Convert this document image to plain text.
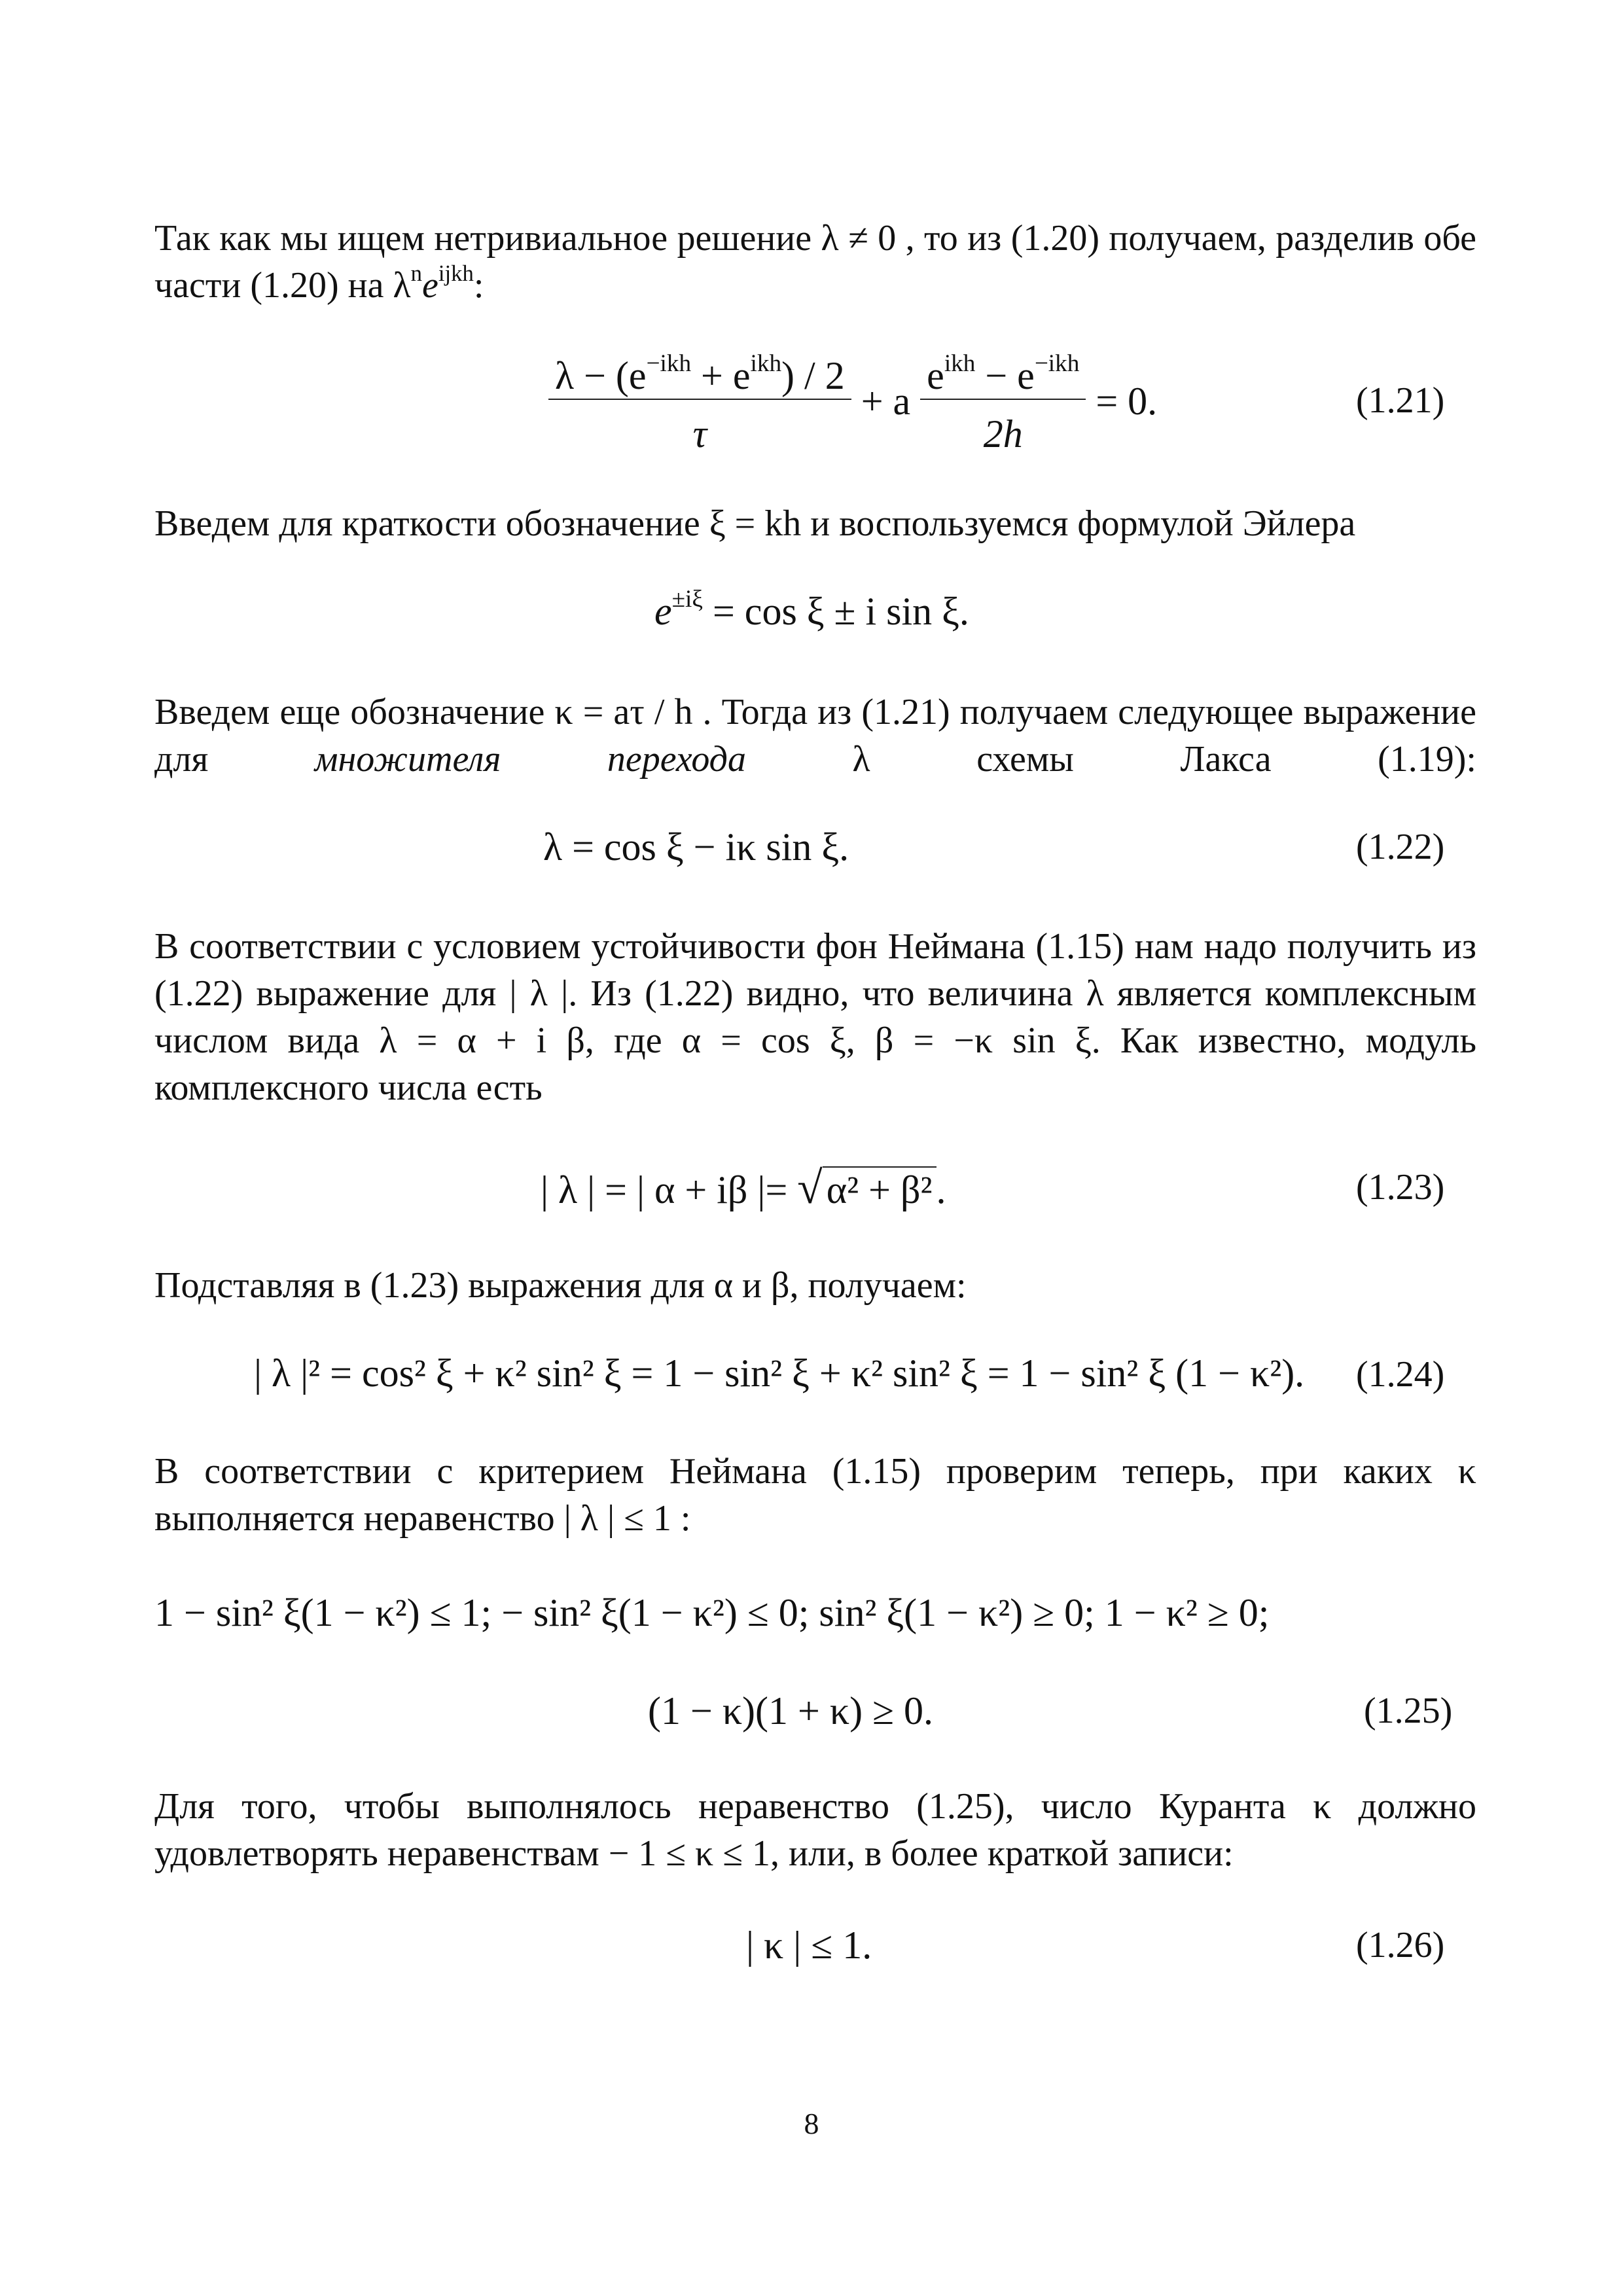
Так как мы ищем нетривиальное решение λ ≠ 0 , то из (1.20) получаем, разделив обе части (1.20) на $\lambda^ne^{ijkh}$:
$\frac{\lambda - (e^{-ikh} + e^{ikh}) / 2}{\tau} + a \frac{e^{ikh} - e^{-ikh}}{2h} = 0$.	(1.21)
Введем для краткости обозначение ξ = kh и воспользуемся формулой Эйлера
$e^{\pm i\xi} = \cos \xi \pm i$ sin ξ.
Введем еще обозначение κ = aτ / h . Тогда из (1.21) получаем следующее выражение для множителя перехода λ схемы Лакса (1.19):
λ = cos ξ − iκ sin ξ.	(1.22)
В соответствии с условием устойчивости фон Неймана (1.15) нам надо получить из (1.22) выражение для | λ |. Из (1.22) видно, что величина λ является комплексным числом вида λ = α + i β, где α = cos ξ, β = −κ sin ξ. Как известно, модуль комплексного числа есть
| λ | = | α + iβ |= √ α² + β² .	(1.23)
Подставляя в (1.23) выражения для α и β, получаем:
| λ |² = cos² ξ + κ² sin² ξ = 1 − sin² ξ + κ² sin² ξ = 1 − sin² ξ (1 − κ²). (1.24)
В соответствии с критерием Неймана (1.15) проверим теперь, при каких κ выполняется неравенство | λ | ≤ 1 :
1 − sin² ξ(1 − κ²) ≤ 1; − sin² ξ(1 − κ²) ≤ 0; sin² ξ(1 − κ²) ≥ 0; 1 − κ² ≥ 0;
(1 − κ)(1 + κ) ≥ 0.	(1.25)
Для того, чтобы выполнялось неравенство (1.25), число Куранта κ должно удовлетворять неравенствам − 1 ≤ κ ≤ 1, или, в более краткой записи:
| κ | ≤ 1.	(1.26)
8
